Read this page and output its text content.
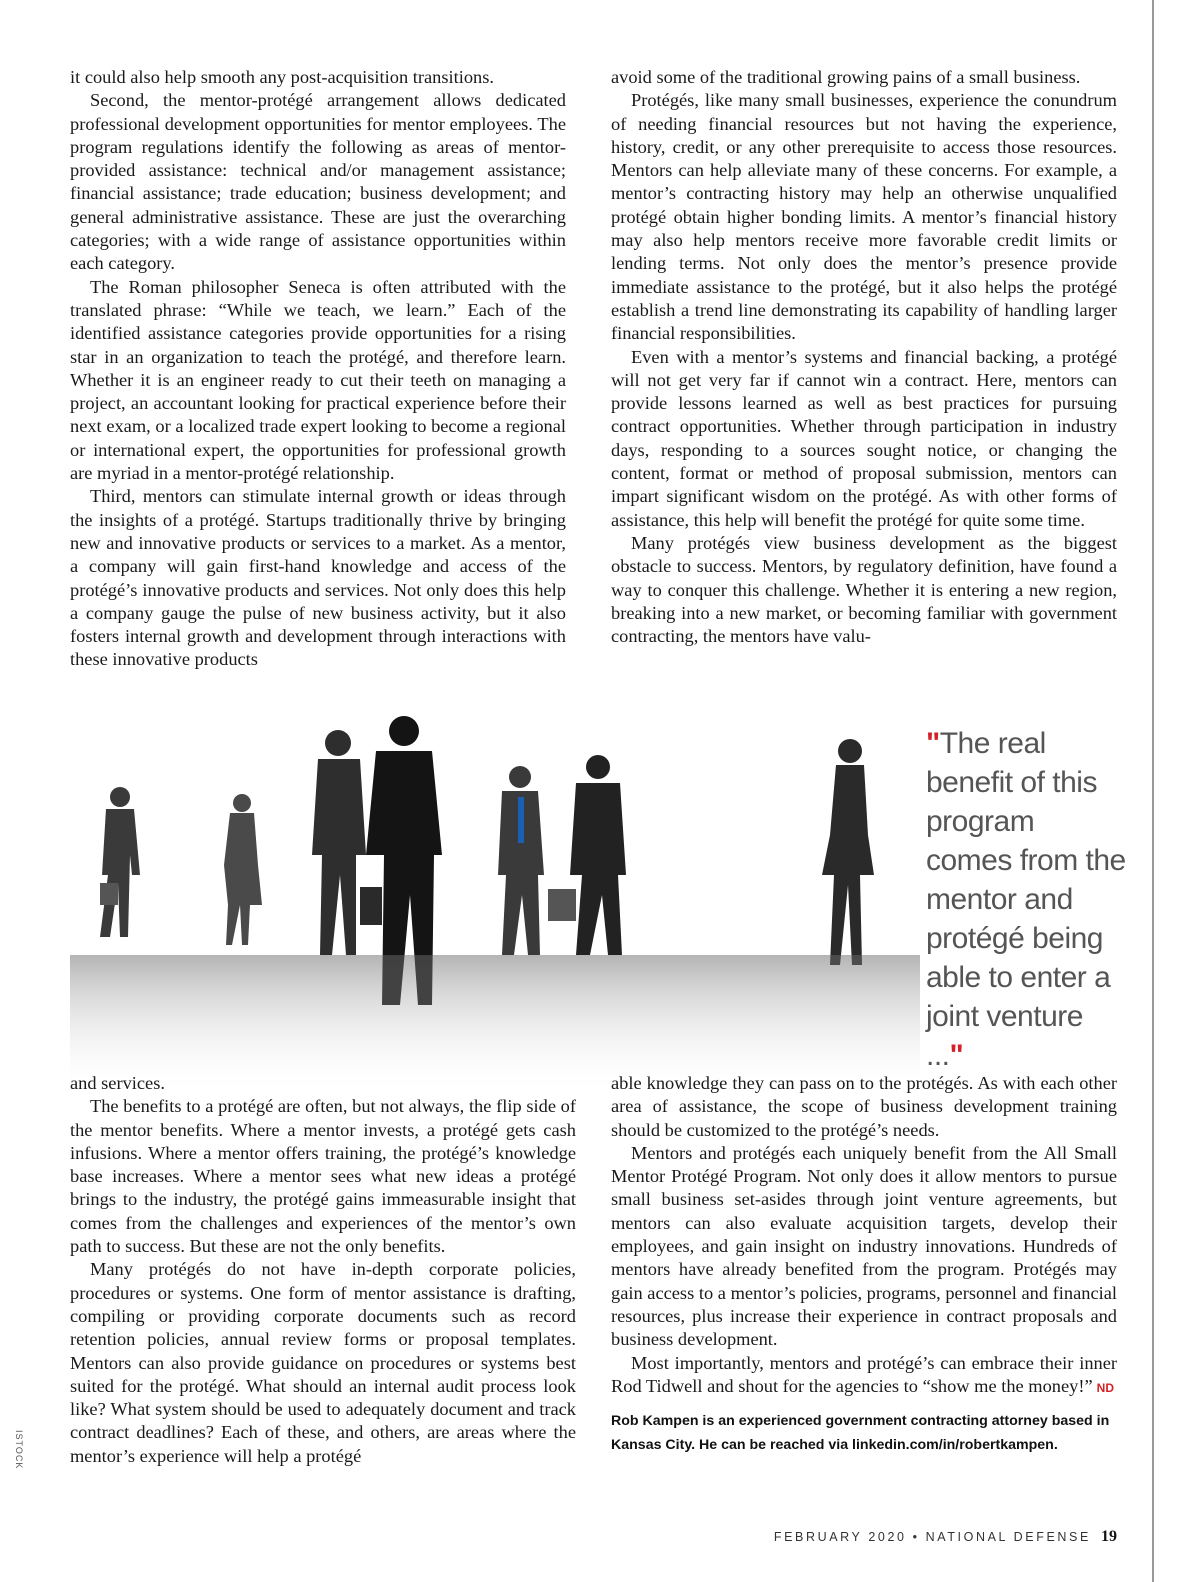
it could also help smooth any post-acquisition transitions.

Second, the mentor-protégé arrangement allows dedicated professional development opportunities for mentor employees. The program regulations identify the following as areas of mentor-provided assistance: technical and/or management assistance; financial assistance; trade education; business development; and general administrative assistance. These are just the overarching categories; with a wide range of assistance opportunities within each category.

The Roman philosopher Seneca is often attributed with the translated phrase: “While we teach, we learn.” Each of the identified assistance categories provide opportunities for a rising star in an organization to teach the protégé, and therefore learn. Whether it is an engineer ready to cut their teeth on managing a project, an accountant looking for practical experience before their next exam, or a localized trade expert looking to become a regional or international expert, the opportunities for professional growth are myriad in a mentor-protégé relationship.

Third, mentors can stimulate internal growth or ideas through the insights of a protégé. Startups traditionally thrive by bringing new and innovative products or services to a market. As a mentor, a company will gain first-hand knowledge and access of the protégé’s innovative products and services. Not only does this help a company gauge the pulse of new business activity, but it also fosters internal growth and development through interactions with these innovative products

avoid some of the traditional growing pains of a small business.

Protégés, like many small businesses, experience the conundrum of needing financial resources but not having the experience, history, credit, or any other prerequisite to access those resources. Mentors can help alleviate many of these concerns. For example, a mentor’s contracting history may help an otherwise unqualified protégé obtain higher bonding limits. A mentor’s financial history may also help mentors receive more favorable credit limits or lending terms. Not only does the mentor’s presence provide immediate assistance to the protégé, but it also helps the protégé establish a trend line demonstrating its capability of handling larger financial responsibilities.

Even with a mentor’s systems and financial backing, a protégé will not get very far if cannot win a contract. Here, mentors can provide lessons learned as well as best practices for pursuing contract opportunities. Whether through participation in industry days, responding to a sources sought notice, or changing the content, format or method of proposal submission, mentors can impart significant wisdom on the protégé. As with other forms of assistance, this help will benefit the protégé for quite some time.

Many protégés view business development as the biggest obstacle to success. Mentors, by regulatory definition, have found a way to conquer this challenge. Whether it is entering a new region, breaking into a new market, or becoming familiar with government contracting, the mentors have valu-

"The real benefit of this program comes from the mentor and protégé being able to enter a joint venture ..."

and services.

The benefits to a protégé are often, but not always, the flip side of the mentor benefits. Where a mentor invests, a protégé gets cash infusions. Where a mentor offers training, the protégé’s knowledge base increases. Where a mentor sees what new ideas a protégé brings to the industry, the protégé gains immeasurable insight that comes from the challenges and experiences of the mentor’s own path to success. But these are not the only benefits.

Many protégés do not have in-depth corporate policies, procedures or systems. One form of mentor assistance is drafting, compiling or providing corporate documents such as record retention policies, annual review forms or proposal templates. Mentors can also provide guidance on procedures or systems best suited for the protégé. What should an internal audit process look like? What system should be used to adequately document and track contract deadlines? Each of these, and others, are areas where the mentor’s experience will help a protégé

able knowledge they can pass on to the protégés. As with each other area of assistance, the scope of business development training should be customized to the protégé’s needs.

Mentors and protégés each uniquely benefit from the All Small Mentor Protégé Program. Not only does it allow mentors to pursue small business set-asides through joint venture agreements, but mentors can also evaluate acquisition targets, develop their employees, and gain insight on industry innovations. Hundreds of mentors have already benefited from the program. Protégés may gain access to a mentor’s policies, programs, personnel and financial resources, plus increase their experience in contract proposals and business development.

Most importantly, mentors and protégé’s can embrace their inner Rod Tidwell and shout for the agencies to “show me the money!” ND

Rob Kampen is an experienced government contracting attorney based in Kansas City. He can be reached via linkedin.com/in/robertkampen.
ISTOCK
FEBRUARY 2020 • NATIONAL DEFENSE 19
